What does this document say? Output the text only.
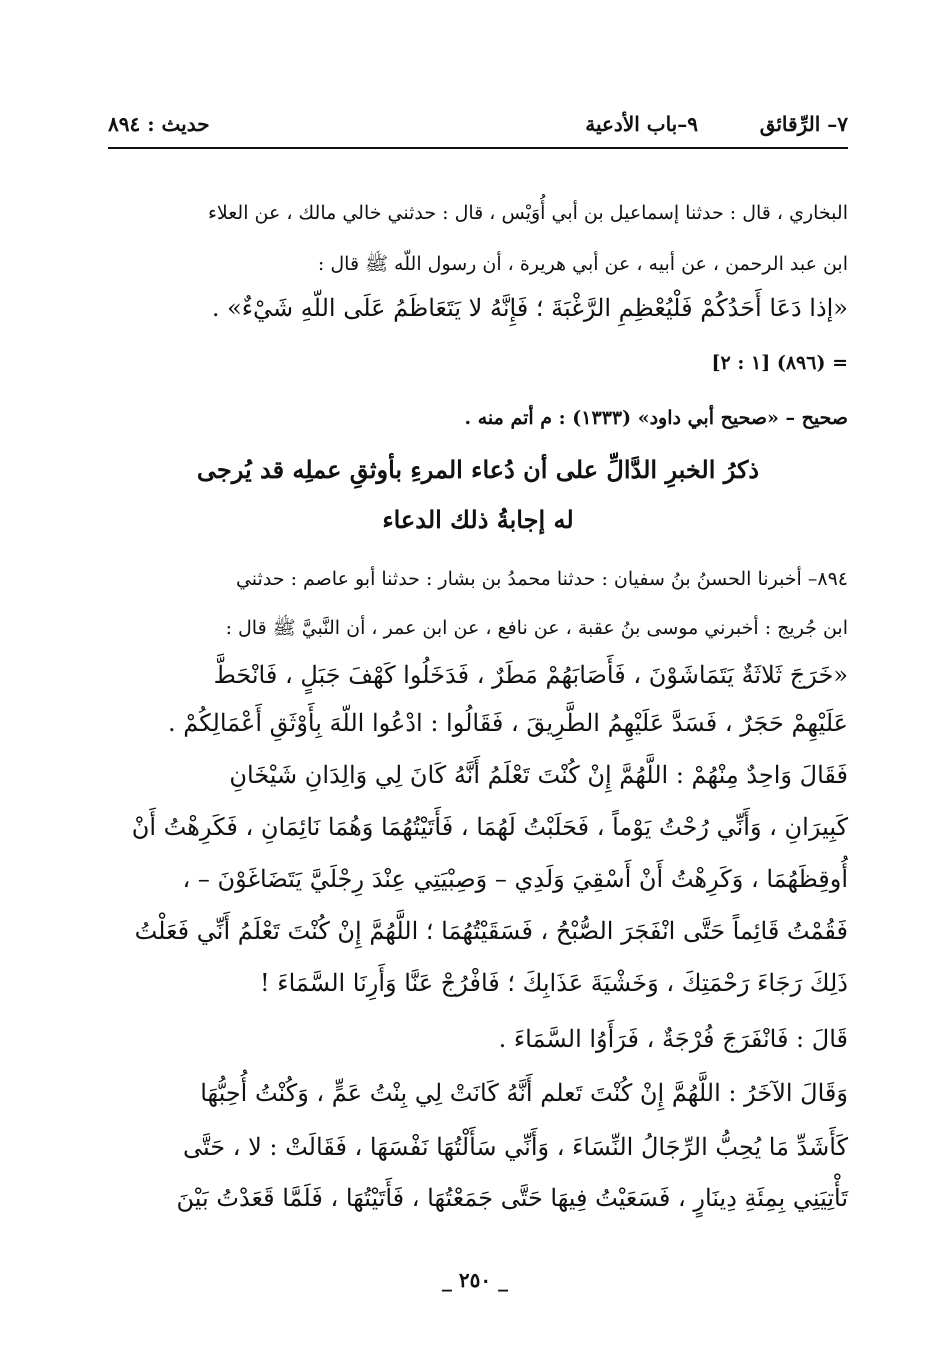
٧– الرِّقائق
٩–باب الأدعية
حديث : ٨٩٤
البخاري ، قال : حدثنا إسماعيل بن أبي أُوَيْس ، قال : حدثني خالي مالك ، عن العلاء
ابن عبد الرحمن ، عن أبيه ، عن أبي هريرة ، أن رسول اللّه ﷺ قال :
«إذا دَعَا أَحَدُكُمْ فَلْيُعْظِمِ الرَّغْبَةَ ؛ فَإِنَّهُ لا يَتَعَاظَمُ عَلَى اللّهِ شَيْءٌ» .
= (٨٩٦) [١ : ٢]
صحيح – «صحيح أبي داود» (١٣٣٣) : م أتم منه .
ذكرُ الخبرِ الدَّالِّ على أن دُعاء المرءِ بأوثقِ عملِه قد يُرجى
له إجابةُ ذلك الدعاء
٨٩٤– أخبرنا الحسنُ بنُ سفيان : حدثنا محمدُ بن بشار : حدثنا أبو عاصم : حدثني
ابن جُريج : أخبرني موسى بنُ عقبة ، عن نافع ، عن ابن عمر ، أن النَّبيَّ ﷺ قال :
«خَرَجَ ثَلاثَةٌ يَتَمَاشَوْنَ ، فَأَصَابَهُمْ مَطَرٌ ، فَدَخَلُوا كَهْفَ جَبَلٍ ، فَانْحَطَّ
عَلَيْهِمْ حَجَرٌ ، فَسَدَّ عَلَيْهِمُ الطَّرِيقَ ، فَقَالُوا : ادْعُوا اللّهَ بِأَوْثَقِ أَعْمَالِكُمْ .
فَقَالَ وَاحِدٌ مِنْهُمْ : اللَّهُمَّ إِنْ كُنْتَ تَعْلَمُ أَنَّهُ كَانَ لِي وَالِدَانِ شَيْخَانِ
كَبِيرَانِ ، وَأَنِّي رُحْتُ يَوْماً ، فَحَلَبْتُ لَهُمَا ، فَأَتَيْتُهُمَا وَهُمَا نَائِمَانِ ، فَكَرِهْتُ أَنْ
أُوقِظَهُمَا ، وَكَرِهْتُ أَنْ أَسْقِيَ وَلَدِي – وَصِبْيَتِي عِنْدَ رِجْلَيَّ يَتَضَاغَوْنَ – ،
فَقُمْتُ قَائِماً حَتَّى انْفَجَرَ الصُّبْحُ ، فَسَقَيْتُهُمَا ؛ اللَّهُمَّ إِنْ كُنْتَ تَعْلَمُ أَنِّي فَعَلْتُ
ذَلِكَ رَجَاءَ رَحْمَتِكَ ، وَخَشْيَةَ عَذَابِكَ ؛ فَافْرُجْ عَنَّا وَأَرِنَا السَّمَاءَ !
قَالَ : فَانْفَرَجَ فُرْجَةٌ ، فَرَأَوُا السَّمَاءَ .
وَقَالَ الآخَرُ : اللَّهُمَّ إِنْ كُنْتَ تَعلم أَنَّهُ كَانَتْ لِي بِنْتُ عَمٍّ ، وَكُنْتُ أُحِبُّهَا
كَأَشَدِّ مَا يُحِبُّ الرِّجَالُ النِّسَاءَ ، وَأَنِّي سَأَلْتُهَا نَفْسَهَا ، فَقَالَتْ : لا ، حَتَّى
تَأْتِيَنِي بِمِئَةِ دِينَارٍ ، فَسَعَيْتُ فِيهَا حَتَّى جَمَعْتُهَا ، فَأَتَيْتُهَا ، فَلَمَّا قَعَدْتُ بَيْنَ
_ ٢٥٠ _
